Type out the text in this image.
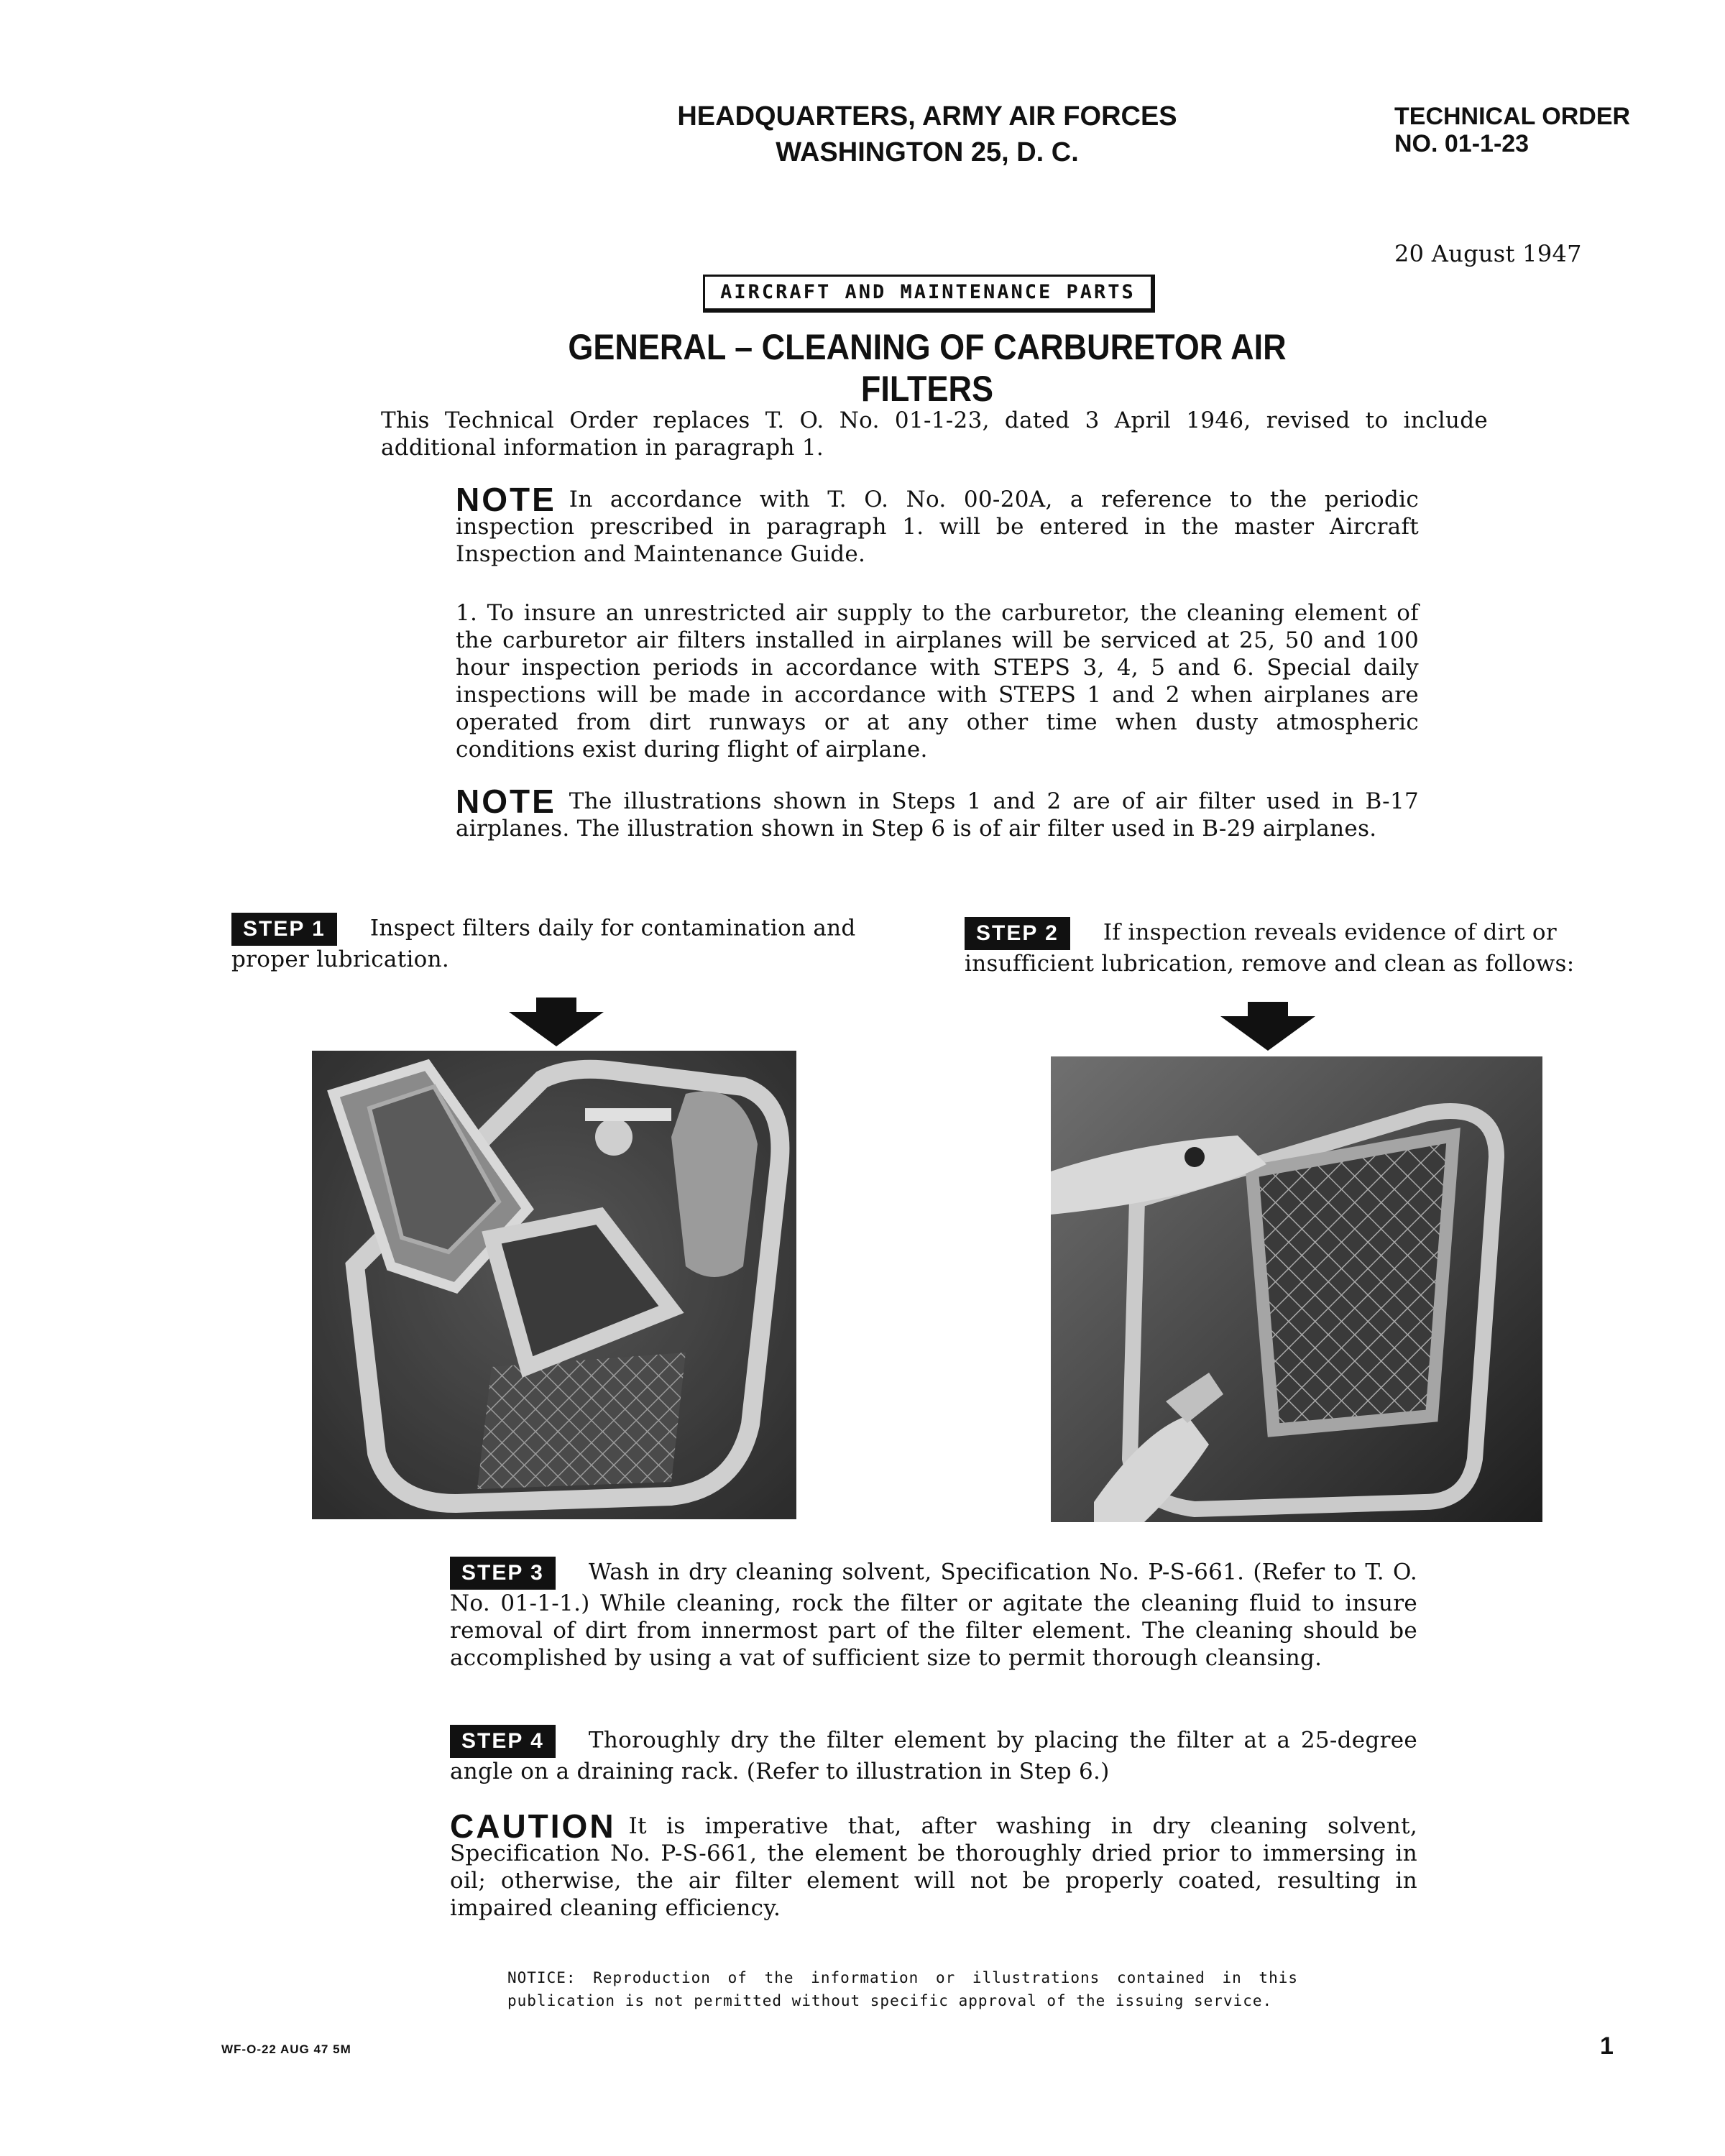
HEADQUARTERS, ARMY AIR FORCES
WASHINGTON 25, D. C.
TECHNICAL ORDER
NO. 01-1-23
20 August 1947
AIRCRAFT AND MAINTENANCE PARTS
GENERAL – CLEANING OF CARBURETOR AIR FILTERS
This Technical Order replaces T. O. No. 01-1-23, dated 3 April 1946, revised to include additional information in paragraph 1.
NOTE In accordance with T. O. No. 00-20A, a reference to the periodic inspection prescribed in paragraph 1. will be entered in the master Aircraft Inspection and Maintenance Guide.
1. To insure an unrestricted air supply to the carburetor, the cleaning element of the carburetor air filters installed in airplanes will be serviced at 25, 50 and 100 hour inspection periods in accordance with STEPS 3, 4, 5 and 6. Special daily inspections will be made in accordance with STEPS 1 and 2 when airplanes are operated from dirt runways or at any other time when dusty atmospheric conditions exist during flight of airplane.
NOTE The illustrations shown in Steps 1 and 2 are of air filter used in B-17 airplanes. The illustration shown in Step 6 is of air filter used in B-29 airplanes.
STEP 1 Inspect filters daily for contamination and proper lubrication.
STEP 2 If inspection reveals evidence of dirt or insufficient lubrication, remove and clean as follows:
STEP 3 Wash in dry cleaning solvent, Specification No. P-S-661. (Refer to T. O. No. 01-1-1.) While cleaning, rock the filter or agitate the cleaning fluid to insure removal of dirt from innermost part of the filter element. The cleaning should be accomplished by using a vat of sufficient size to permit thorough cleansing.
STEP 4 Thoroughly dry the filter element by placing the filter at a 25-degree angle on a draining rack. (Refer to illustration in Step 6.)
CAUTION It is imperative that, after washing in dry cleaning solvent, Specification No. P-S-661, the element be thoroughly dried prior to immersing in oil; otherwise, the air filter element will not be properly coated, resulting in impaired cleaning efficiency.
NOTICE: Reproduction of the information or illustrations contained in this publication is not permitted without specific approval of the issuing service.
WF-O-22 AUG 47 5M	1
